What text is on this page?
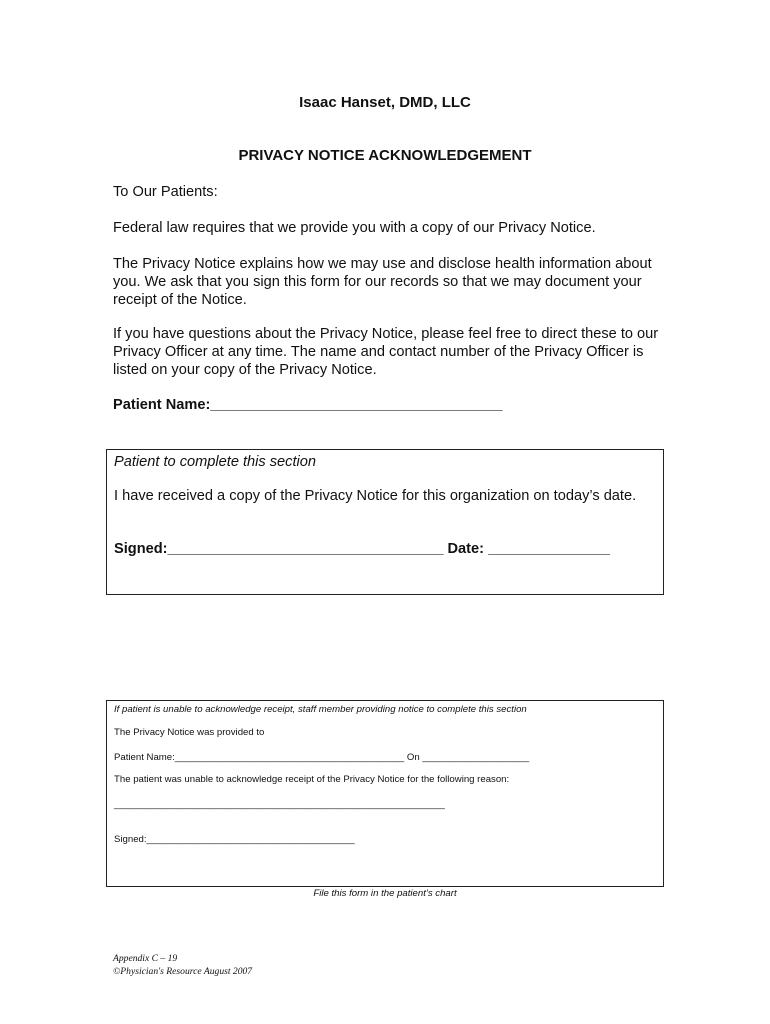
Isaac Hanset, DMD, LLC
PRIVACY NOTICE ACKNOWLEDGEMENT
To Our Patients:
Federal law requires that we provide you with a copy of our Privacy Notice.
The Privacy Notice explains how we may use and disclose health information about you. We ask that you sign this form for our records so that we may document your receipt of the Notice.
If you have questions about the Privacy Notice, please feel free to direct these to our Privacy Officer at any time. The name and contact number of the Privacy Officer is listed on your copy of the Privacy Notice.
Patient Name:____________________________________
Patient to complete this section
I have received a copy of the Privacy Notice for this organization on today’s date.
Signed:__________________________________ Date: _______________
If patient is unable to acknowledge receipt, staff member providing notice to complete this section
The Privacy Notice was provided to
Patient Name:___________________________________________ On ____________________
The patient was unable to acknowledge receipt of the Privacy Notice for the following reason:
______________________________________________________________
Signed:_______________________________________
File this form in the patient’s chart
Appendix C – 19
©Physician's Resource August 2007
